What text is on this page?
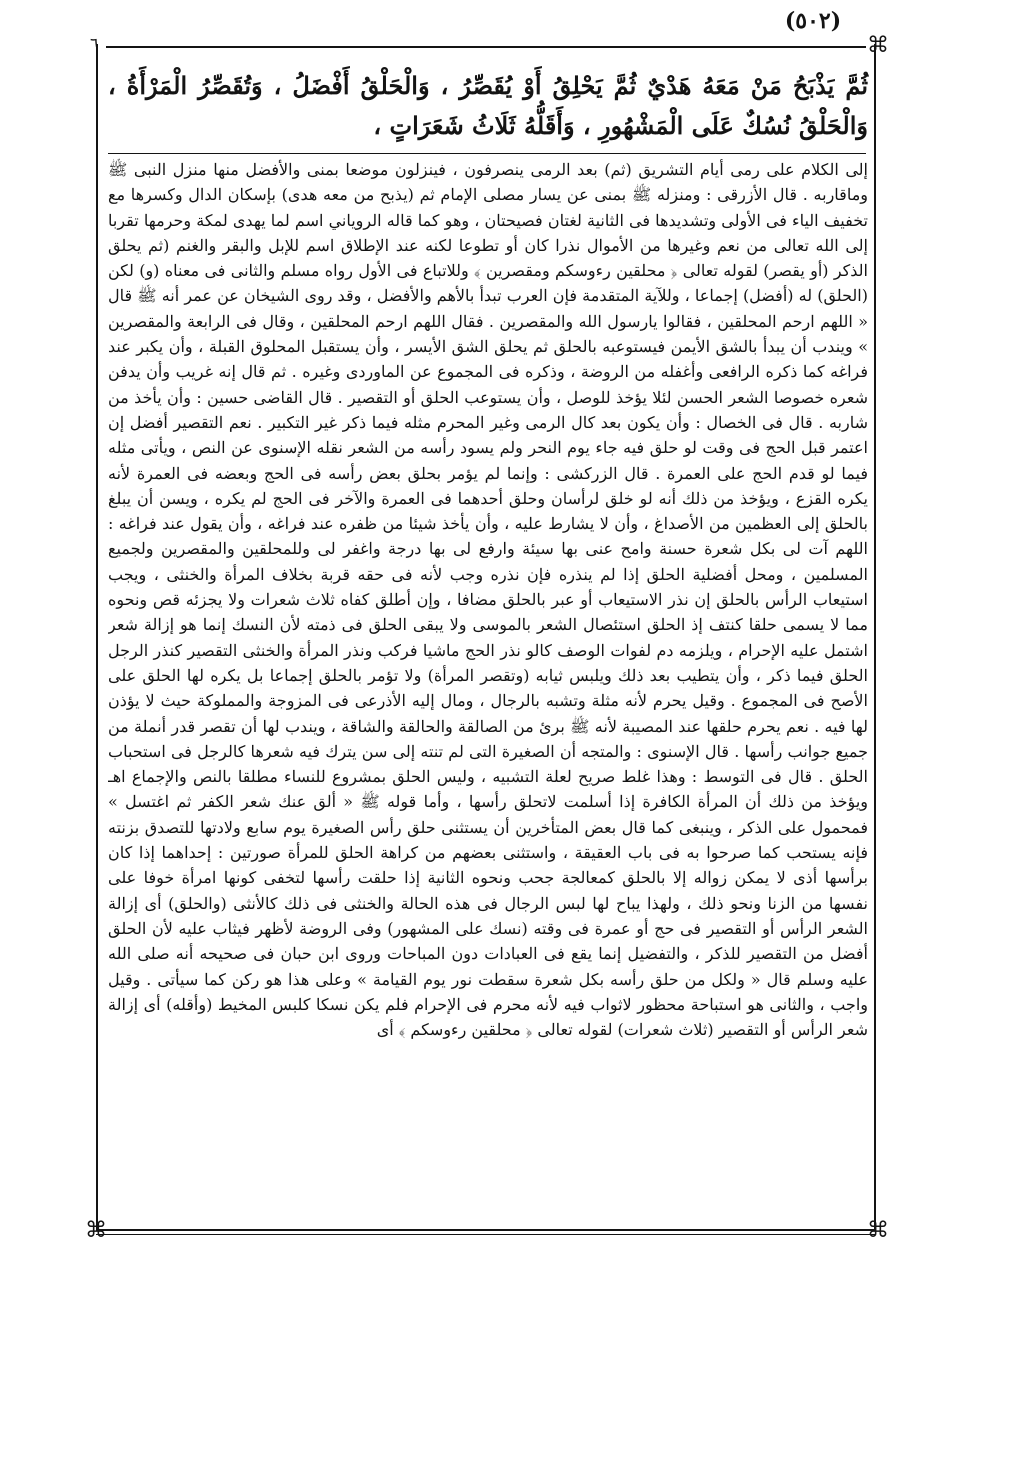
(٥٠٢)
٦	⌘
⌘	⌘

ثُمَّ يَذْبَحُ مَنْ مَعَهُ هَدْيٌ ثُمَّ يَحْلِقُ أَوْ يُقَصِّرُ ، وَالْحَلْقُ أَفْضَلُ ، وَتُقَصِّرُ الْمَرْأَةُ ، وَالْحَلْقُ نُسُكٌ عَلَى الْمَشْهُورِ ، وَأَقَلُّهُ ثَلَاثُ شَعَرَاتٍ ،

إلى الكلام على رمى أيام التشريق (ثم) بعد الرمى ينصرفون ، فينزلون موضعا بمنى والأفضل منها منزل النبى ﷺ وماقاربه . قال الأزرقى : ومنزله ﷺ بمنى عن يسار مصلى الإمام ثم (يذبح من معه هدى) بإسكان الدال وكسرها مع تخفيف الياء فى الأولى وتشديدها فى الثانية لغتان فصيحتان ، وهو كما قاله الروياني اسم لما يهدى لمكة وحرمها تقربا إلى الله تعالى من نعم وغيرها من الأموال نذرا كان أو تطوعا لكنه عند الإطلاق اسم للإبل والبقر والغنم (ثم يحلق الذكر (أو يقصر) لقوله تعالى ﴿ محلقين رءوسكم ومقصرين ﴾ وللاتباع فى الأول رواه مسلم والثانى فى معناه (و) لكن (الحلق) له (أفضل) إجماعا ، وللآية المتقدمة فإن العرب تبدأ بالأهم والأفضل ، وقد روى الشيخان عن عمر أنه ﷺ قال « اللهم ارحم المحلقين ، فقالوا يارسول الله والمقصرين . فقال اللهم ارحم المحلقين ، وقال فى الرابعة والمقصرين » ويندب أن يبدأ بالشق الأيمن فيستوعبه بالحلق ثم يحلق الشق الأيسر ، وأن يستقبل المحلوق القبلة ، وأن يكبر عند فراغه كما ذكره الرافعى وأغفله من الروضة ، وذكره فى المجموع عن الماوردى وغيره . ثم قال إنه غريب وأن يدفن شعره خصوصا الشعر الحسن لئلا يؤخذ للوصل ، وأن يستوعب الحلق أو التقصير . قال القاضى حسين : وأن يأخذ من شاربه . قال فى الخصال : وأن يكون بعد كال الرمى وغير المحرم مثله فيما ذكر غير التكبير . نعم التقصير أفضل إن اعتمر قبل الحج فى وقت لو حلق فيه جاء يوم النحر ولم يسود رأسه من الشعر نقله الإسنوى عن النص ، ويأتى مثله فيما لو قدم الحج على العمرة . قال الزركشى : وإنما لم يؤمر بحلق بعض رأسه فى الحج وبعضه فى العمرة لأنه يكره القزع ، ويؤخذ من ذلك أنه لو خلق لرأسان وحلق أحدهما فى العمرة والآخر فى الحج لم يكره ، ويسن أن يبلغ بالحلق إلى العظمين من الأصداغ ، وأن لا يشارط عليه ، وأن يأخذ شيئا من ظفره عند فراغه ، وأن يقول عند فراغه : اللهم آت لى بكل شعرة حسنة وامح عنى بها سيئة وارفع لى بها درجة واغفر لى وللمحلقين والمقصرين ولجميع المسلمين ، ومحل أفضلية الحلق إذا لم ينذره فإن نذره وجب لأنه فى حقه قربة بخلاف المرأة والخنثى ، ويجب استيعاب الرأس بالحلق إن نذر الاستيعاب أو عبر بالحلق مضافا ، وإن أطلق كفاه ثلاث شعرات ولا يجزئه قص ونحوه مما لا يسمى حلقا كنتف إذ الحلق استئصال الشعر بالموسى ولا يبقى الحلق فى ذمته لأن النسك إنما هو إزالة شعر اشتمل عليه الإحرام ، ويلزمه دم لفوات الوصف كالو نذر الحج ماشيا فركب ونذر المرأة والخنثى التقصير كنذر الرجل الحلق فيما ذكر ، وأن يتطيب بعد ذلك ويلبس ثيابه (وتقصر المرأة) ولا تؤمر بالحلق إجماعا بل يكره لها الحلق على الأصح فى المجموع . وقيل يحرم لأنه مثلة وتشبه بالرجال ، ومال إليه الأذرعى فى المزوجة والمملوكة حيث لا يؤذن لها فيه . نعم يحرم حلقها عند المصيبة لأنه ﷺ برئ من الصالقة والحالقة والشاقة ، ويندب لها أن تقصر قدر أنملة من جميع جوانب رأسها . قال الإسنوى : والمتجه أن الصغيرة التى لم تنته إلى سن يترك فيه شعرها كالرجل فى استحباب الحلق . قال فى التوسط : وهذا غلط صريح لعلة التشبيه ، وليس الحلق بمشروع للنساء مطلقا بالنص والإجماع اهـ ويؤخذ من ذلك أن المرأة الكافرة إذا أسلمت لاتحلق رأسها ، وأما قوله ﷺ « ألق عنك شعر الكفر ثم اغتسل » فمحمول على الذكر ، وينبغى كما قال بعض المتأخرين أن يستثنى حلق رأس الصغيرة يوم سابع ولادتها للتصدق بزنته فإنه يستحب كما صرحوا به فى باب العقيقة ، واستثنى بعضهم من كراهة الحلق للمرأة صورتين : إحداهما إذا كان برأسها أذى لا يمكن زواله إلا بالحلق كمعالجة جحب ونحوه الثانية إذا حلقت رأسها لتخفى كونها امرأة خوفا على نفسها من الزنا ونحو ذلك ، ولهذا يباح لها لبس الرجال فى هذه الحالة والخنثى فى ذلك كالأنثى (والحلق) أى إزالة الشعر الرأس أو التقصير فى حج أو عمرة فى وقته (نسك على المشهور) وفى الروضة لأظهر فيثاب عليه لأن الحلق أفضل من التقصير للذكر ، والتفضيل إنما يقع فى العبادات دون المباحات وروى ابن حبان فى صحيحه أنه صلى الله عليه وسلم قال « ولكل من حلق رأسه بكل شعرة سقطت نور يوم القيامة » وعلى هذا هو ركن كما سيأتى . وقيل واجب ، والثانى هو استباحة محظور لاثواب فيه لأنه محرم فى الإحرام فلم يكن نسكا كلبس المخيط (وأقله) أى إزالة شعر الرأس أو التقصير (ثلاث شعرات) لقوله تعالى ﴿ محلقين رءوسكم ﴾ أى
